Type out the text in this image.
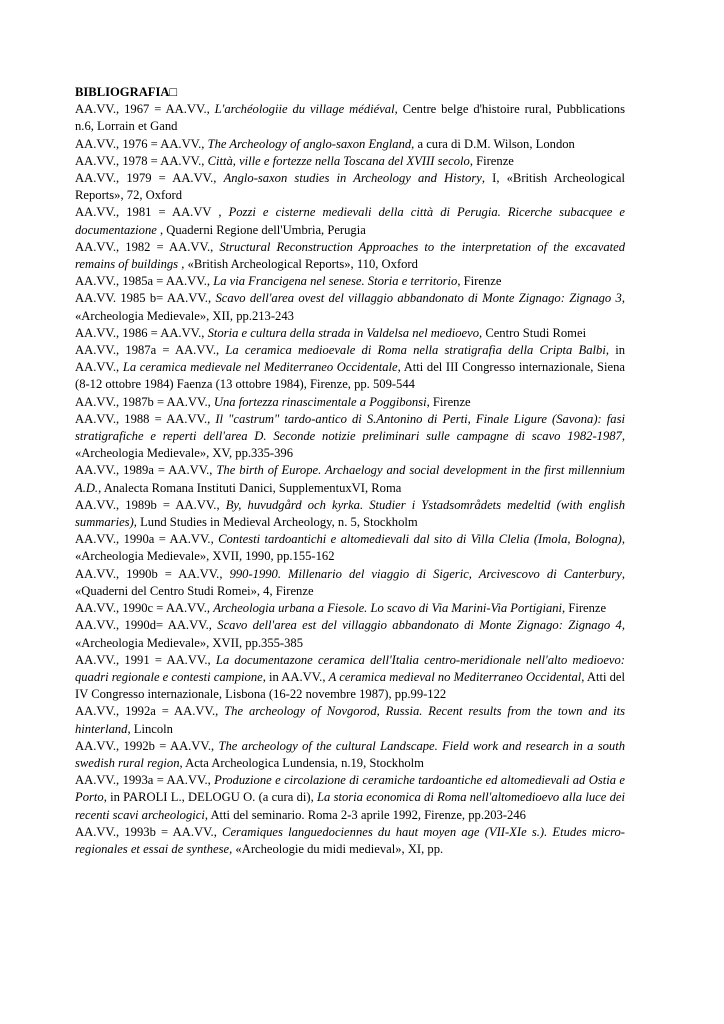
BIBLIOGRAFIA□

AA.VV., 1967 = AA.VV., L'archéologiie du village médiéval, Centre belge d'histoire rural, Pubblications n.6, Lorrain et Gand

AA.VV., 1976 = AA.VV., The Archeology of anglo-saxon England, a cura di D.M. Wilson, London

AA.VV., 1978 = AA.VV., Città, ville e fortezze nella Toscana del XVIII secolo, Firenze

AA.VV., 1979 = AA.VV., Anglo-saxon studies in Archeology and History, I, «British Archeological Reports», 72, Oxford

AA.VV., 1981 = AA.VV , Pozzi e cisterne medievali della città di Perugia. Ricerche subacquee e documentazione , Quaderni Regione dell'Umbria, Perugia

AA.VV., 1982 = AA.VV., Structural Reconstruction Approaches to the interpretation of the excavated remains of buildings , «British Archeological Reports», 110, Oxford

AA.VV., 1985a = AA.VV., La via Francigena nel senese. Storia e territorio, Firenze

AA.VV. 1985 b= AA.VV., Scavo dell'area ovest del villaggio abbandonato di Monte Zignago: Zignago 3, «Archeologia Medievale», XII, pp.213-243

AA.VV., 1986 = AA.VV., Storia e cultura della strada in Valdelsa nel medioevo, Centro Studi Romei

AA.VV., 1987a = AA.VV., La ceramica medioevale di Roma nella stratigrafia della Cripta Balbi, in AA.VV., La ceramica medievale nel Mediterraneo Occidentale, Atti del III Congresso internazionale, Siena (8-12 ottobre 1984) Faenza (13 ottobre 1984), Firenze, pp. 509-544

AA.VV., 1987b = AA.VV., Una fortezza rinascimentale a Poggibonsi, Firenze

AA.VV., 1988 = AA.VV., Il "castrum" tardo-antico di S.Antonino di Perti, Finale Ligure (Savona): fasi stratigrafiche e reperti dell'area D. Seconde notizie preliminari sulle campagne di scavo 1982-1987, «Archeologia Medievale», XV, pp.335-396

AA.VV., 1989a = AA.VV., The birth of Europe. Archaelogy and social development in the first millennium A.D., Analecta Romana Instituti Danici, SupplementuxVI, Roma

AA.VV., 1989b = AA.VV., By, huvudgård och kyrka. Studier i Ystadsområdets medeltid (with english summaries), Lund Studies in Medieval Archeology, n. 5, Stockholm

AA.VV., 1990a = AA.VV., Contesti tardoantichi e altomedievali dal sito di Villa Clelia (Imola, Bologna), «Archeologia Medievale», XVII, 1990, pp.155-162

AA.VV., 1990b = AA.VV., 990-1990. Millenario del viaggio di Sigeric, Arcivescovo di Canterbury, «Quaderni del Centro Studi Romei», 4, Firenze

AA.VV., 1990c = AA.VV., Archeologia urbana a Fiesole. Lo scavo di Via Marini-Via Portigiani, Firenze

AA.VV., 1990d= AA.VV., Scavo dell'area est del villaggio abbandonato di Monte Zignago: Zignago 4, «Archeologia Medievale», XVII, pp.355-385

AA.VV., 1991 = AA.VV., La documentazone ceramica dell'Italia centro-meridionale nell'alto medioevo: quadri regionale e contesti campione, in AA.VV., A ceramica medieval no Mediterraneo Occidental, Atti del IV Congresso internazionale, Lisbona (16-22 novembre 1987), pp.99-122

AA.VV., 1992a = AA.VV., The archeology of Novgorod, Russia. Recent results from the town and its hinterland, Lincoln

AA.VV., 1992b = AA.VV., The archeology of the cultural Landscape. Field work and research in a south swedish rural region, Acta Archeologica Lundensia, n.19, Stockholm

AA.VV., 1993a = AA.VV., Produzione e circolazione di ceramiche tardoantiche ed altomedievali ad Ostia e Porto, in PAROLI L., DELOGU O. (a cura di), La storia economica di Roma nell'altomedioevo alla luce dei recenti scavi archeologici, Atti del seminario. Roma 2-3 aprile 1992, Firenze, pp.203-246

AA.VV., 1993b = AA.VV., Ceramiques languedociennes du haut moyen age (VII-XIe s.). Etudes micro-regionales et essai de synthese, «Archeologie du midi medieval», XI, pp.
